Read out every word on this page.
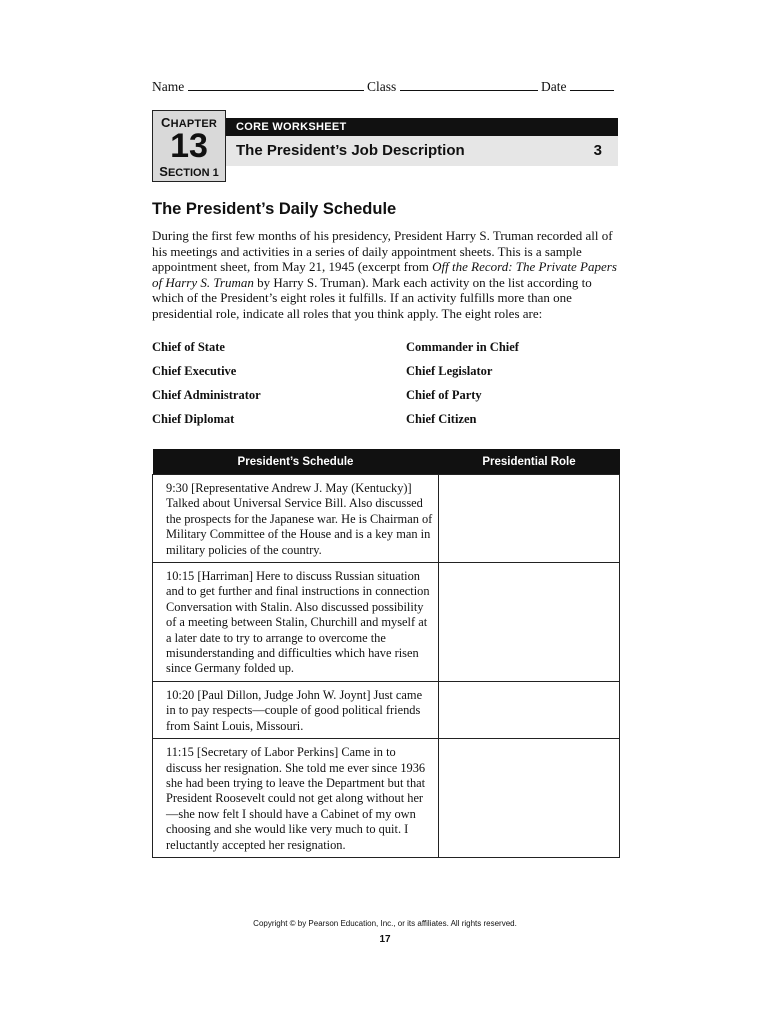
Name	Class	Date
CHAPTER
13
SECTION 1
CORE WORKSHEET
The President’s Job Description	3
The President’s Daily Schedule
During the first few months of his presidency, President Harry S. Truman recorded all of his meetings and activities in a series of daily appointment sheets. This is a sample appointment sheet, from May 21, 1945 (excerpt from Off the Record: The Private Papers of Harry S. Truman by Harry S. Truman). Mark each activity on the list according to which of the President’s eight roles it fulfills. If an activity fulfills more than one presidential role, indicate all roles that you think apply. The eight roles are:
Chief of State
Chief Executive
Chief Administrator
Chief Diplomat
Commander in Chief
Chief Legislator
Chief of Party
Chief Citizen
President’s Schedule	Presidential Role
9:30 [Representative Andrew J. May (Kentucky)] Talked about Universal Service Bill. Also discussed the prospects for the Japanese war. He is Chairman of Military Committee of the House and is a key man in military policies of the country.	
10:15 [Harriman] Here to discuss Russian situation and to get further and final instructions in connection Conversation with Stalin. Also discussed possibility of a meeting between Stalin, Churchill and myself at a later date to try to arrange to overcome the misunderstanding and difficulties which have risen since Germany folded up.	
10:20 [Paul Dillon, Judge John W. Joynt] Just came in to pay respects—couple of good political friends from Saint Louis, Missouri.	
11:15 [Secretary of Labor Perkins] Came in to discuss her resignation. She told me ever since 1936 she had been trying to leave the Department but that President Roosevelt could not get along without her—she now felt I should have a Cabinet of my own choosing and she would like very much to quit. I reluctantly accepted her resignation.	
Copyright © by Pearson Education, Inc., or its affiliates. All rights reserved.
17
